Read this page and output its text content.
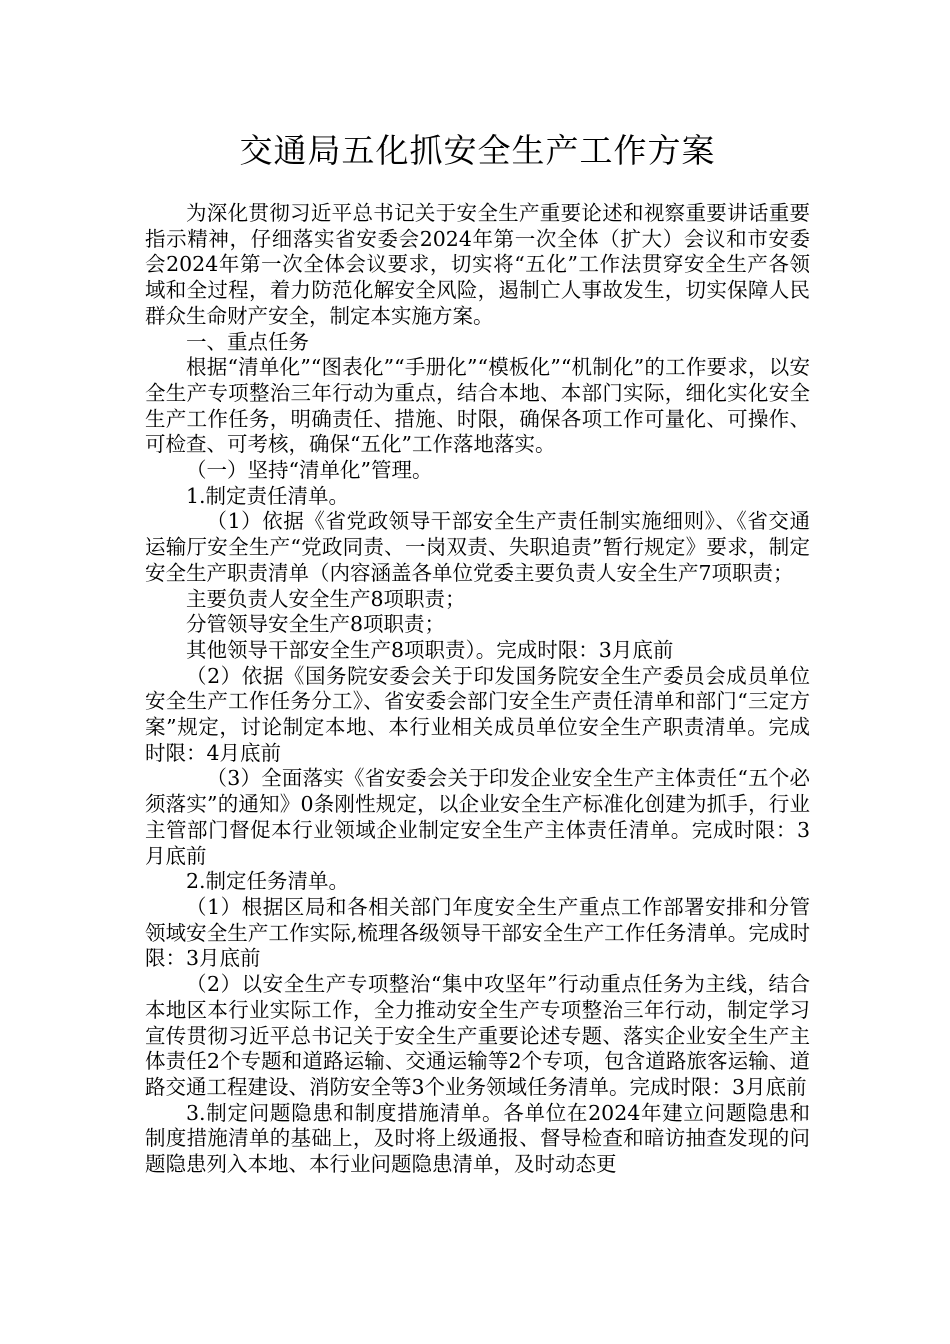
交通局五化抓安全生产工作方案

为深化贯彻习近平总书记关于安全生产重要论述和视察重要讲话重要指示精神，仔细落实省安委会2024年第一次全体（扩大）会议和市安委会2024年第一次全体会议要求，切实将“五化”工作法贯穿安全生产各领域和全过程，着力防范化解安全风险，遏制亡人事故发生，切实保障人民群众生命财产安全，制定本实施方案。

一、重点任务

根据“清单化”“图表化”“手册化”“模板化”“机制化”的工作要求，以安全生产专项整治三年行动为重点，结合本地、本部门实际，细化实化安全生产工作任务，明确责任、措施、时限，确保各项工作可量化、可操作、可检查、可考核，确保“五化”工作落地落实。

（一）坚持“清单化”管理。

1.制定责任清单。

（1）依据《省党政领导干部安全生产责任制实施细则》、《省交通运输厅安全生产“党政同责、一岗双责、失职追责”暂行规定》要求，制定安全生产职责清单（内容涵盖各单位党委主要负责人安全生产7项职责；

主要负责人安全生产8项职责；

分管领导安全生产8项职责；

其他领导干部安全生产8项职责）。完成时限：3月底前

（2）依据《国务院安委会关于印发国务院安全生产委员会成员单位安全生产工作任务分工》、省安委会部门安全生产责任清单和部门“三定方案”规定，讨论制定本地、本行业相关成员单位安全生产职责清单。完成时限：4月底前

（3）全面落实《省安委会关于印发企业安全生产主体责任“五个必须落实”的通知》0条刚性规定，以企业安全生产标准化创建为抓手，行业主管部门督促本行业领域企业制定安全生产主体责任清单。完成时限：3月底前

2.制定任务清单。

（1）根据区局和各相关部门年度安全生产重点工作部署安排和分管领域安全生产工作实际,梳理各级领导干部安全生产工作任务清单。完成时限：3月底前

（2）以安全生产专项整治“集中攻坚年”行动重点任务为主线，结合本地区本行业实际工作，全力推动安全生产专项整治三年行动，制定学习宣传贯彻习近平总书记关于安全生产重要论述专题、落实企业安全生产主体责任2个专题和道路运输、交通运输等2个专项，包含道路旅客运输、道路交通工程建设、消防安全等3个业务领域任务清单。完成时限：3月底前

3.制定问题隐患和制度措施清单。各单位在2024年建立问题隐患和制度措施清单的基础上，及时将上级通报、督导检查和暗访抽查发现的问题隐患列入本地、本行业问题隐患清单，及时动态更
